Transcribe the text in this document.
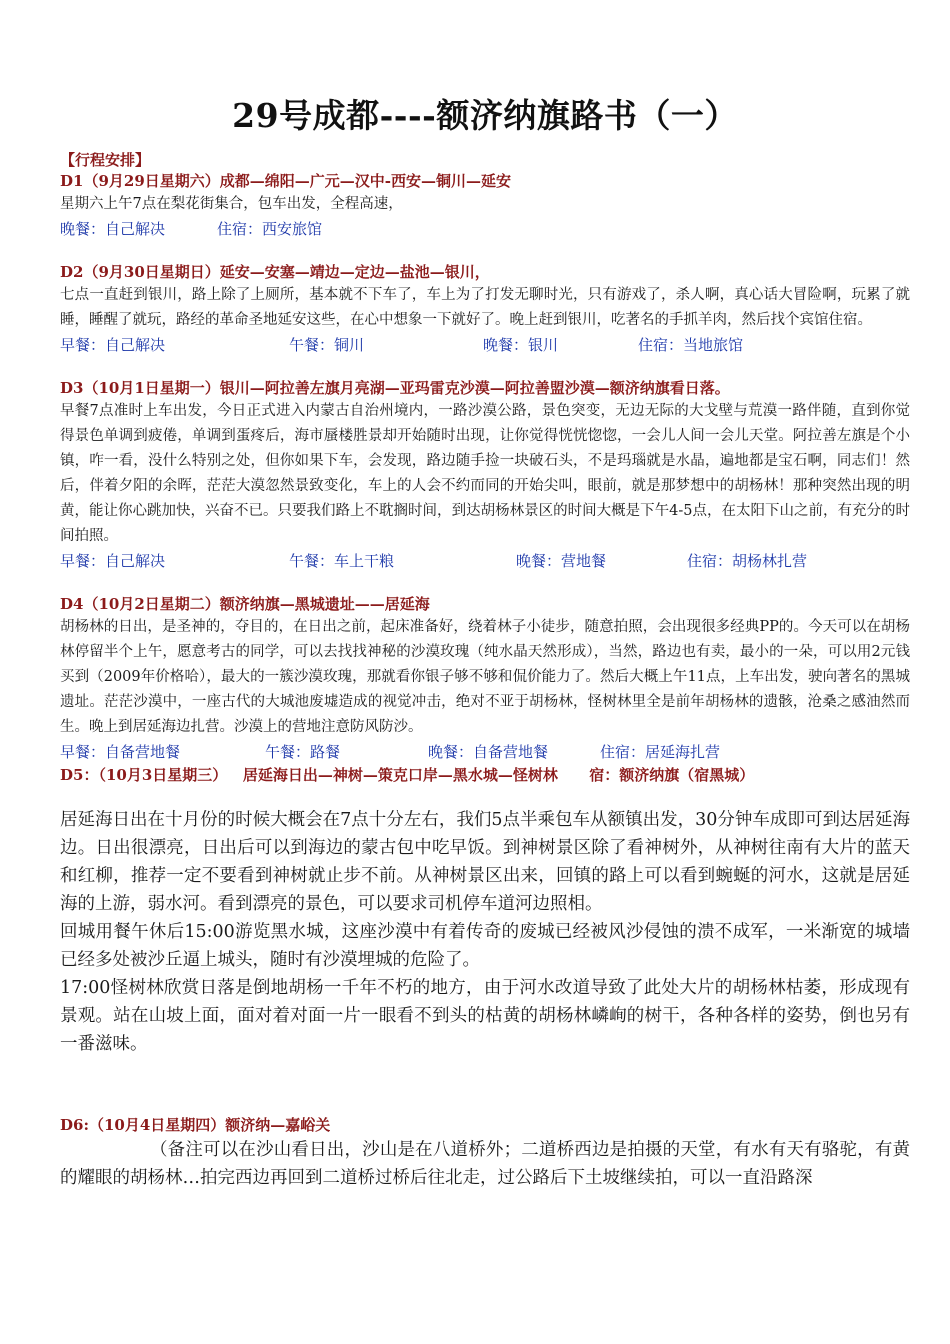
29号成都----额济纳旗路书（一）
【行程安排】
D1（9月29日星期六）成都—绵阳—广元—汉中-西安—铜川—延安

星期六上午7点在梨花街集合，包车出发，全程高速，

晚餐：自己解决	住宿：西安旅馆
D2（9月30日星期日）延安—安塞—靖边—定边—盐池—银川，

七点一直赶到银川，路上除了上厕所，基本就不下车了，车上为了打发无聊时光，只有游戏了，杀人啊，真心话大冒险啊，玩累了就睡，睡醒了就玩，路经的革命圣地延安这些，在心中想象一下就好了。晚上赶到银川，吃著名的手抓羊肉，然后找个宾馆住宿。

早餐：自己解决	午餐：铜川	晚餐：银川	住宿：当地旅馆
D3（10月1日星期一）银川—阿拉善左旗月亮湖—亚玛雷克沙漠—阿拉善盟沙漠—额济纳旗看日落。

早餐7点准时上车出发，今日正式进入内蒙古自治州境内，一路沙漠公路，景色突变，无边无际的大戈壁与荒漠一路伴随，直到你觉得景色单调到疲倦，单调到蛋疼后，海市蜃楼胜景却开始随时出现，让你觉得恍恍惚惚，一会儿人间一会儿天堂。阿拉善左旗是个小镇，咋一看，没什么特别之处，但你如果下车，会发现，路边随手捡一块破石头，不是玛瑙就是水晶，遍地都是宝石啊，同志们！然后，伴着夕阳的余晖，茫茫大漠忽然景致变化，车上的人会不约而同的开始尖叫，眼前，就是那梦想中的胡杨林！那种突然出现的明黄，能让你心跳加快，兴奋不已。只要我们路上不耽搁时间，到达胡杨林景区的时间大概是下午4-5点，在太阳下山之前，有充分的时间拍照。

早餐：自己解决	午餐：车上干粮	晚餐：营地餐	住宿：胡杨林扎营
D4（10月2日星期二）额济纳旗—黑城遗址——居延海

胡杨林的日出，是圣神的，夺目的，在日出之前，起床准备好，绕着林子小徒步，随意拍照，会出现很多经典PP的。今天可以在胡杨林停留半个上午，愿意考古的同学，可以去找找神秘的沙漠玫瑰（纯水晶天然形成），当然，路边也有卖，最小的一朵，可以用2元钱买到（2009年价格哈），最大的一簇沙漠玫瑰，那就看你银子够不够和侃价能力了。然后大概上午11点，上车出发，驶向著名的黑城遗址。茫茫沙漠中，一座古代的大城池废墟造成的视觉冲击，绝对不亚于胡杨林，怪树林里全是前年胡杨林的遗骸，沧桑之感油然而生。晚上到居延海边扎营。沙漠上的营地注意防风防沙。

早餐：自备营地餐	午餐：路餐	晚餐：自备营地餐	住宿：居延海扎营
D5：（10月3日星期三）   居延海日出—神树—策克口岸—黑水城—怪树林      宿：额济纳旗（宿黑城）

居延海日出在十月份的时候大概会在7点十分左右，我们5点半乘包车从额镇出发，30分钟车成即可到达居延海边。日出很漂亮，日出后可以到海边的蒙古包中吃早饭。到神树景区除了看神树外，从神树往南有大片的蓝天和红柳，推荐一定不要看到神树就止步不前。从神树景区出来，回镇的路上可以看到蜿蜒的河水，这就是居延海的上游，弱水河。看到漂亮的景色，可以要求司机停车道河边照相。

回城用餐午休后15:00游览黑水城，这座沙漠中有着传奇的废城已经被风沙侵蚀的溃不成军，一米渐宽的城墙已经多处被沙丘逼上城头，随时有沙漠埋城的危险了。

17:00怪树林欣赏日落是倒地胡杨一千年不朽的地方，由于河水改道导致了此处大片的胡杨林枯萎，形成现有景观。站在山坡上面，面对着对面一片一眼看不到头的枯黄的胡杨林嶙峋的树干，各种各样的姿势，倒也另有一番滋味。

D6:（10月4日星期四）额济纳—嘉峪关

（备注可以在沙山看日出，沙山是在八道桥外；二道桥西边是拍摄的天堂，有水有天有骆驼，有黄的耀眼的胡杨林…拍完西边再回到二道桥过桥后往北走，过公路后下土坡继续拍，可以一直沿路深
